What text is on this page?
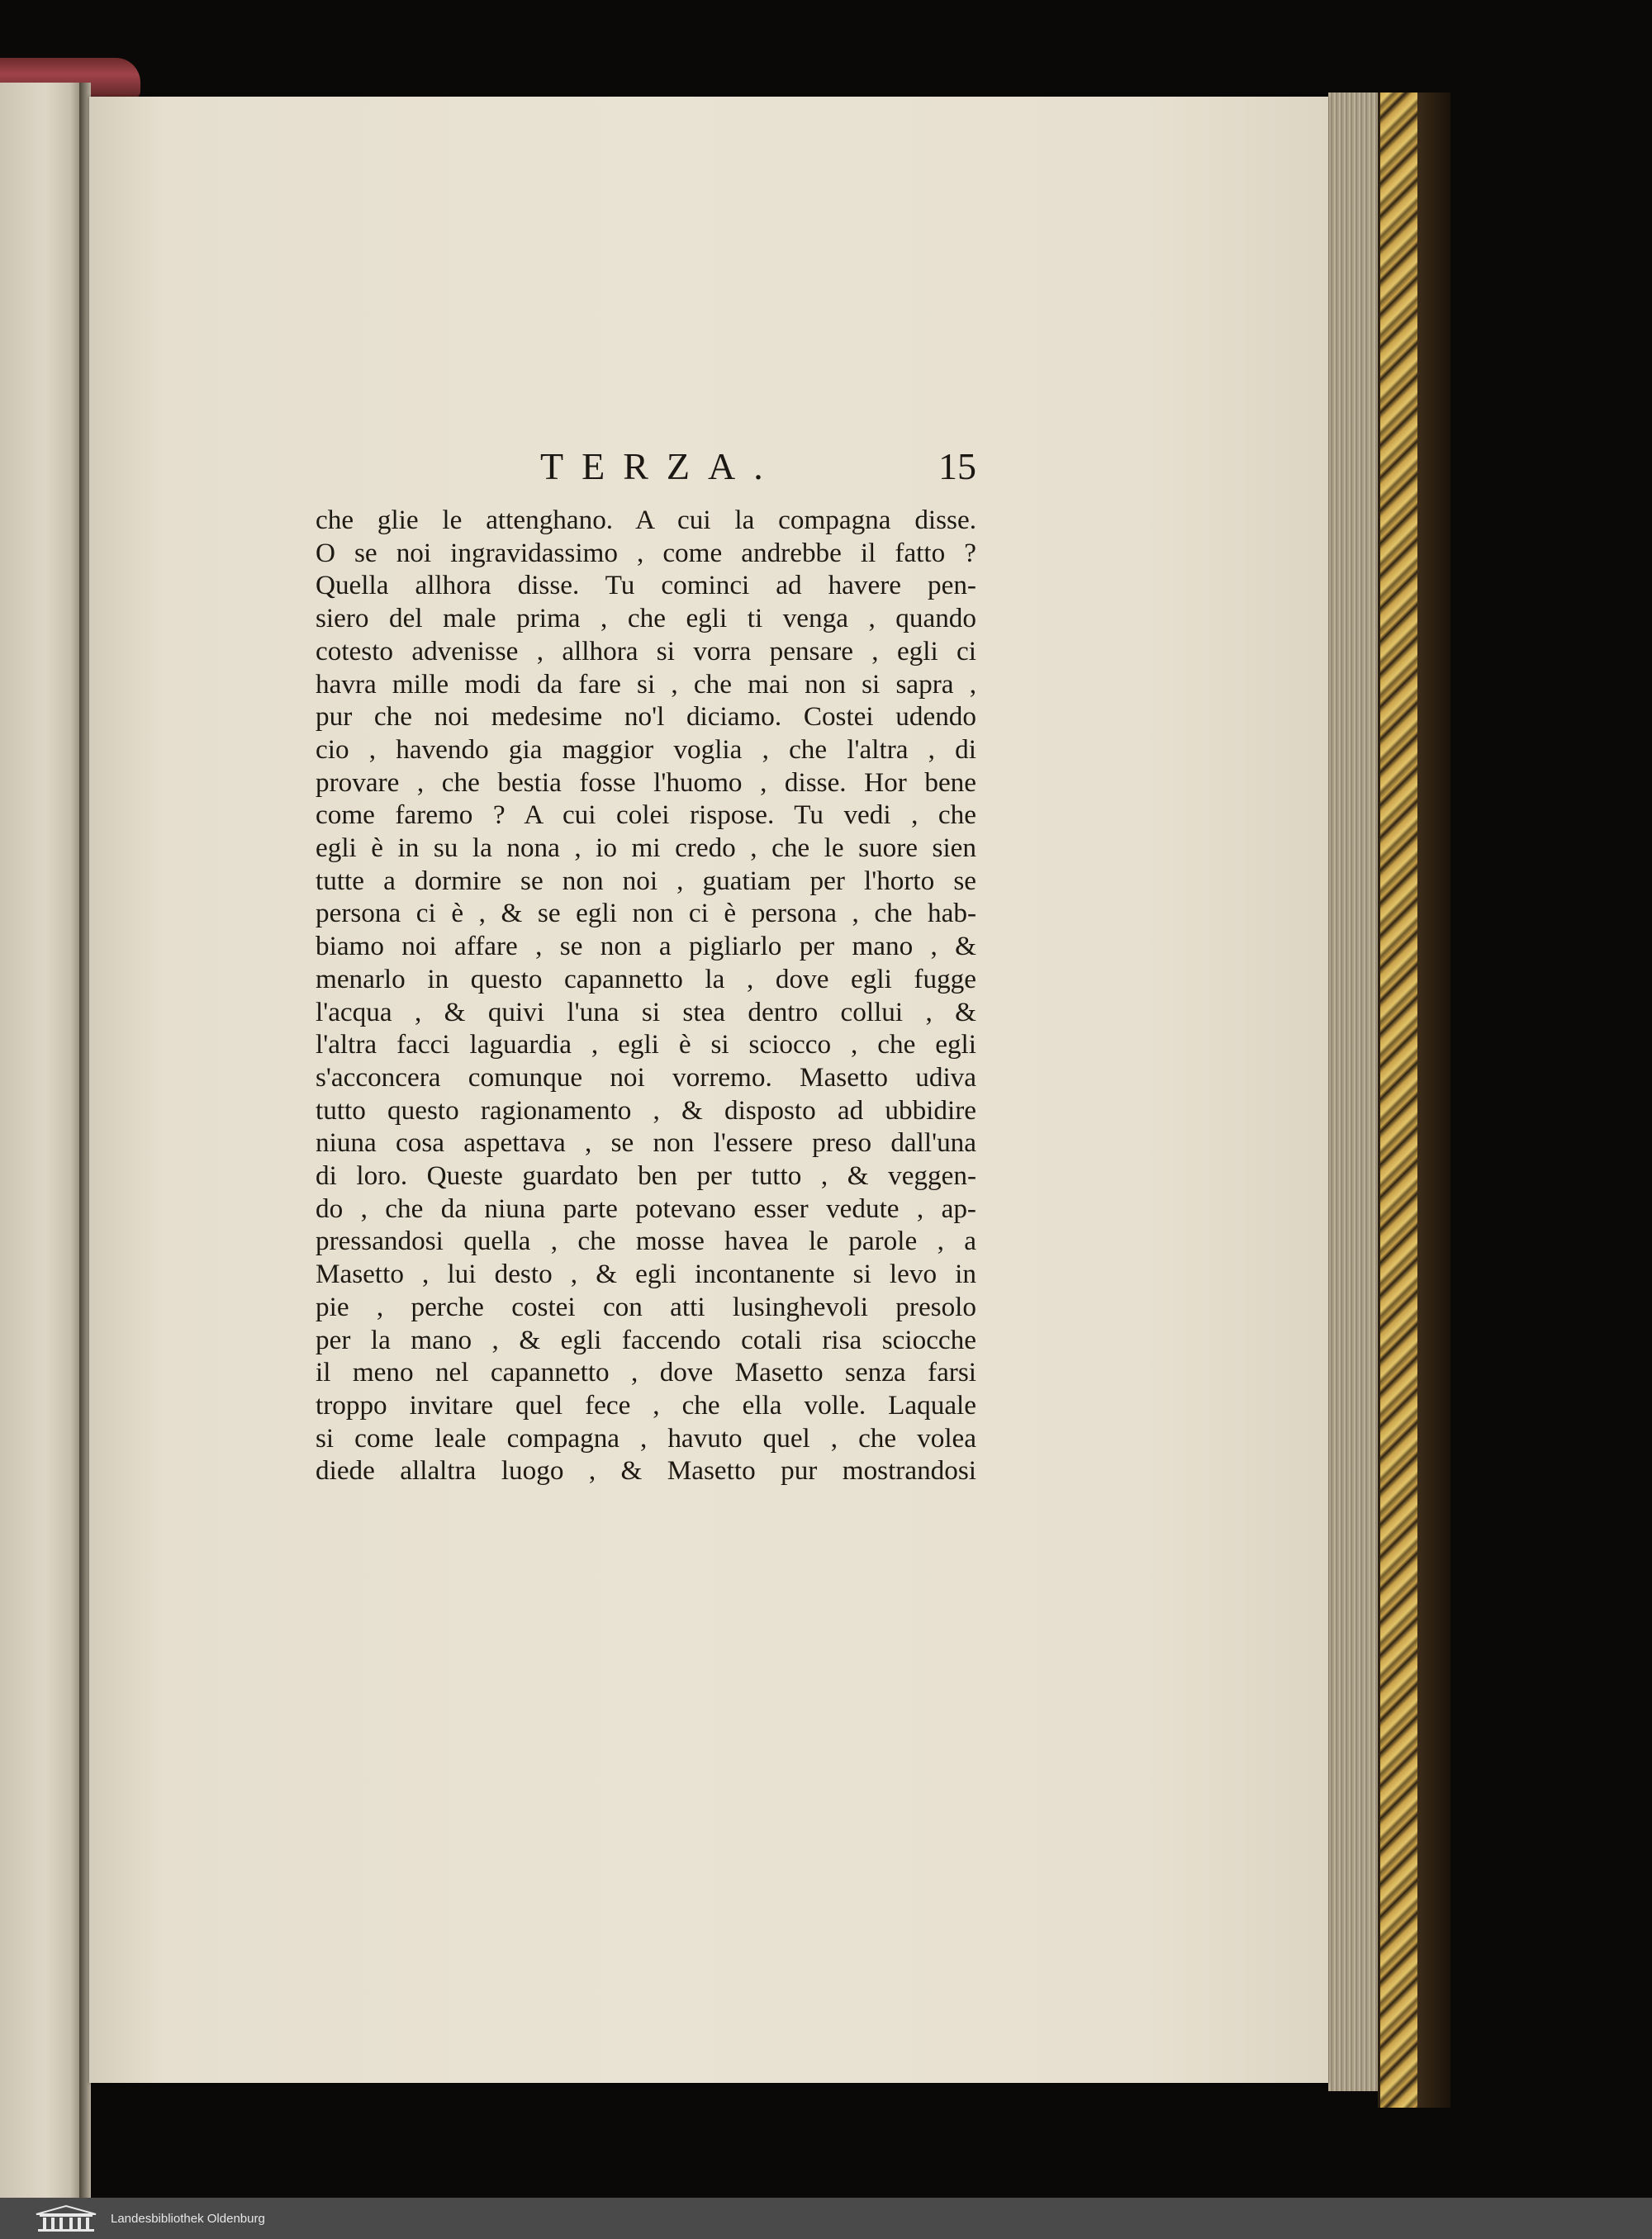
TERZA.	15
che glie le attenghano. A cui la compagna disse.
O se noi ingravidassimo , come andrebbe il fatto ?
Quella allhora disse. Tu cominci ad havere pen-
siero del male prima , che egli ti venga , quando
cotesto advenisse , allhora si vorra pensare , egli ci
havra mille modi da fare si , che mai non si sapra ,
pur che noi medesime no'l diciamo. Costei udendo
cio , havendo gia maggior voglia , che l'altra , di
provare , che bestia fosse l'huomo , disse. Hor bene
come faremo ? A cui colei rispose. Tu vedi , che
egli è in su la nona , io mi credo , che le suore sien
tutte a dormire se non noi , guatiam per l'horto se
persona ci è , & se egli non ci è persona , che hab-
biamo noi affare , se non a pigliarlo per mano , &
menarlo in questo capannetto la , dove egli fugge
l'acqua , & quivi l'una si stea dentro collui , &
l'altra facci laguardia , egli è si sciocco , che egli
s'acconcera comunque noi vorremo. Masetto udiva
tutto questo ragionamento , & disposto ad ubbidire
niuna cosa aspettava , se non l'essere preso dall'una
di loro. Queste guardato ben per tutto , & veggen-
do , che da niuna parte potevano esser vedute , ap-
pressandosi quella , che mosse havea le parole , a
Masetto , lui desto , & egli incontanente si levo in
pie , perche costei con atti lusinghevoli presolo
per la mano , & egli faccendo cotali risa sciocche
il meno nel capannetto , dove Masetto senza farsi
troppo invitare quel fece , che ella volle. Laquale
si come leale compagna , havuto quel , che volea
diede allaltra luogo , & Masetto pur mostrandosi
Landesbibliothek Oldenburg
